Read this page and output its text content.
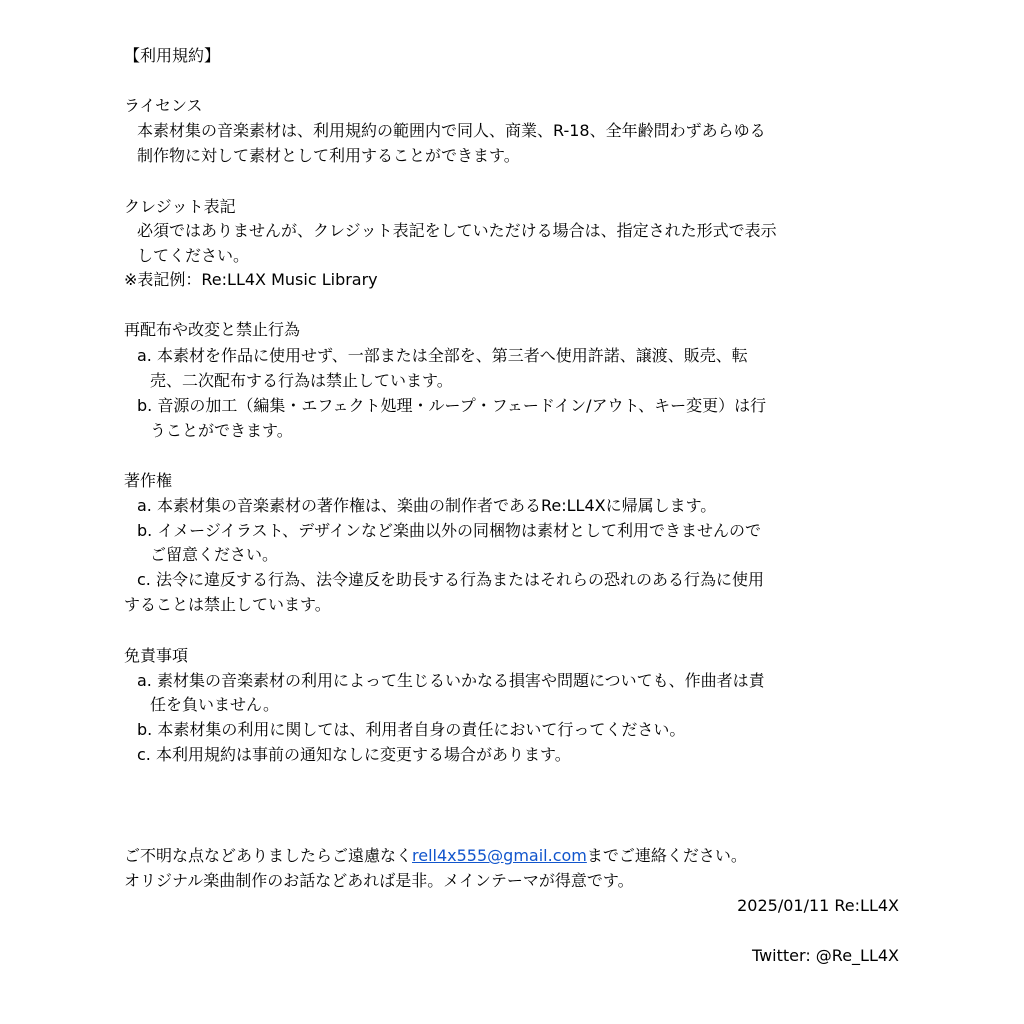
【利用規約】
ライセンス
本素材集の音楽素材は、利用規約の範囲内で同人、商業、R-18、全年齢問わずあらゆる
制作物に対して素材として利用することができます。
クレジット表記
必須ではありませんが、クレジット表記をしていただける場合は、指定された形式で表示
してください。
※表記例：Re:LL4X Music Library
再配布や改変と禁止行為
a. 本素材を作品に使用せず、一部または全部を、第三者へ使用許諾、譲渡、販売、転
売、二次配布する行為は禁止しています。
b. 音源の加工（編集・エフェクト処理・ループ・フェードイン/アウト、キー変更）は行
うことができます。
著作権
a. 本素材集の音楽素材の著作権は、楽曲の制作者であるRe:LL4Xに帰属します。
b. イメージイラスト、デザインなど楽曲以外の同梱物は素材として利用できませんので
ご留意ください。
c. 法令に違反する行為、法令違反を助長する行為またはそれらの恐れのある行為に使用
することは禁止しています。
免責事項
a. 素材集の音楽素材の利用によって生じるいかなる損害や問題についても、作曲者は責
任を負いません。
b. 本素材集の利用に関しては、利用者自身の責任において行ってください。
c. 本利用規約は事前の通知なしに変更する場合があります。
ご不明な点などありましたらご遠慮なくrell4x555@gmail.comまでご連絡ください。
オリジナル楽曲制作のお話などあれば是非。メインテーマが得意です。
2025/01/11 Re:LL4X
Twitter: @Re_LL4X
